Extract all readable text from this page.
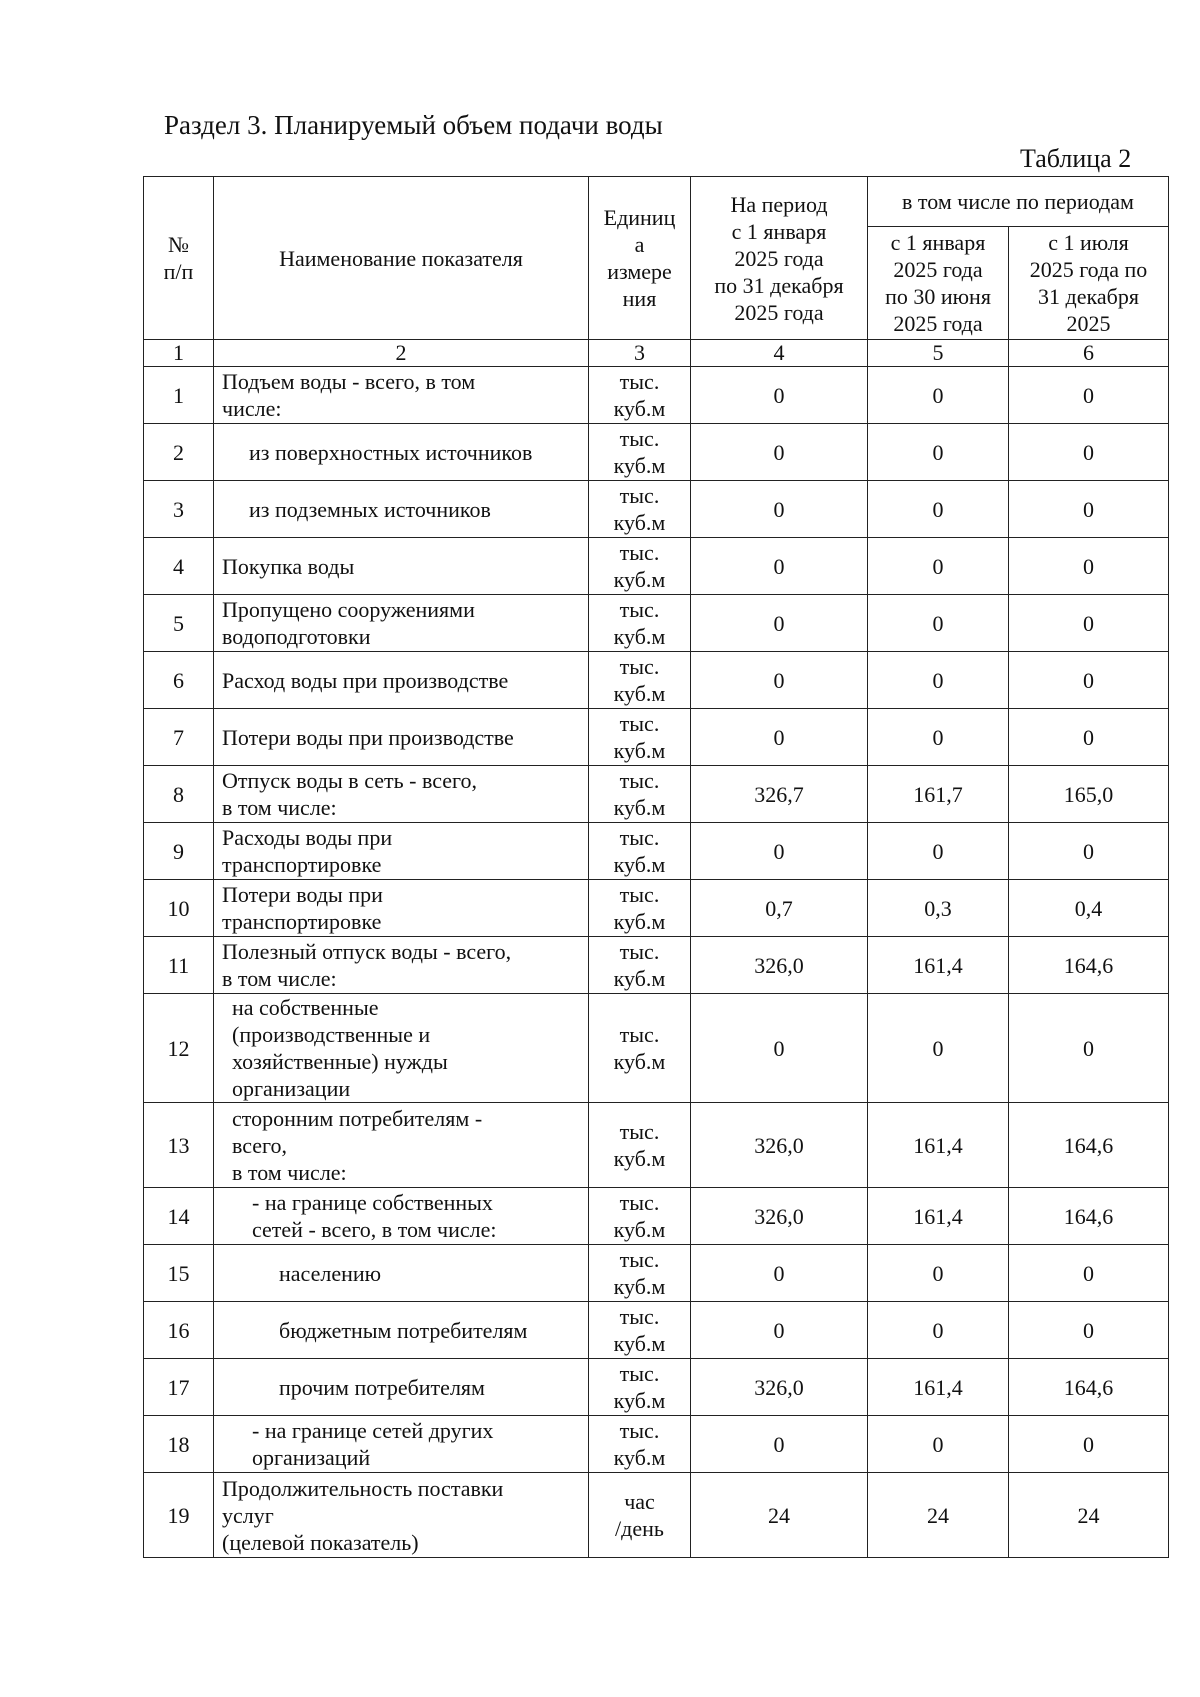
Раздел 3. Планируемый объем подачи воды
Таблица 2
№
п/п	Наименование показателя	Единиц
а
измере
ния	На период
с 1 января
2025 года
по 31 декабря
2025 года	в том числе по периодам	
				с 1 января
2025 года
по 30 июня
2025 года	с 1 июля
2025 года по
31 декабря
2025
1	2	3	4	5	6
1	Подъем воды - всего, в том
числе:	тыс.
куб.м	0	0	0
2	из поверхностных источников	тыс.
куб.м	0	0	0
3	из подземных источников	тыс.
куб.м	0	0	0
4	Покупка воды	тыс.
куб.м	0	0	0
5	Пропущено сооружениями
водоподготовки	тыс.
куб.м	0	0	0
6	Расход воды при производстве	тыс.
куб.м	0	0	0
7	Потери воды при производстве	тыс.
куб.м	0	0	0
8	Отпуск воды в сеть - всего,
в том числе:	тыс.
куб.м	326,7	161,7	165,0
9	Расходы воды при
транспортировке	тыс.
куб.м	0	0	0
10	Потери воды при
транспортировке	тыс.
куб.м	0,7	0,3	0,4
11	Полезный отпуск воды - всего,
в том числе:	тыс.
куб.м	326,0	161,4	164,6
12	на собственные
(производственные и
хозяйственные) нужды
организации	тыс.
куб.м	0	0	0
13	сторонним потребителям -
всего,
в том числе:	тыс.
куб.м	326,0	161,4	164,6
14	- на границе собственных
сетей - всего, в том числе:	тыс.
куб.м	326,0	161,4	164,6
15	населению	тыс.
куб.м	0	0	0
16	бюджетным потребителям	тыс.
куб.м	0	0	0
17	прочим потребителям	тыс.
куб.м	326,0	161,4	164,6
18	- на границе сетей других
организаций	тыс.
куб.м	0	0	0
19	Продолжительность поставки
услуг
(целевой показатель)	час
/день	24	24	24
